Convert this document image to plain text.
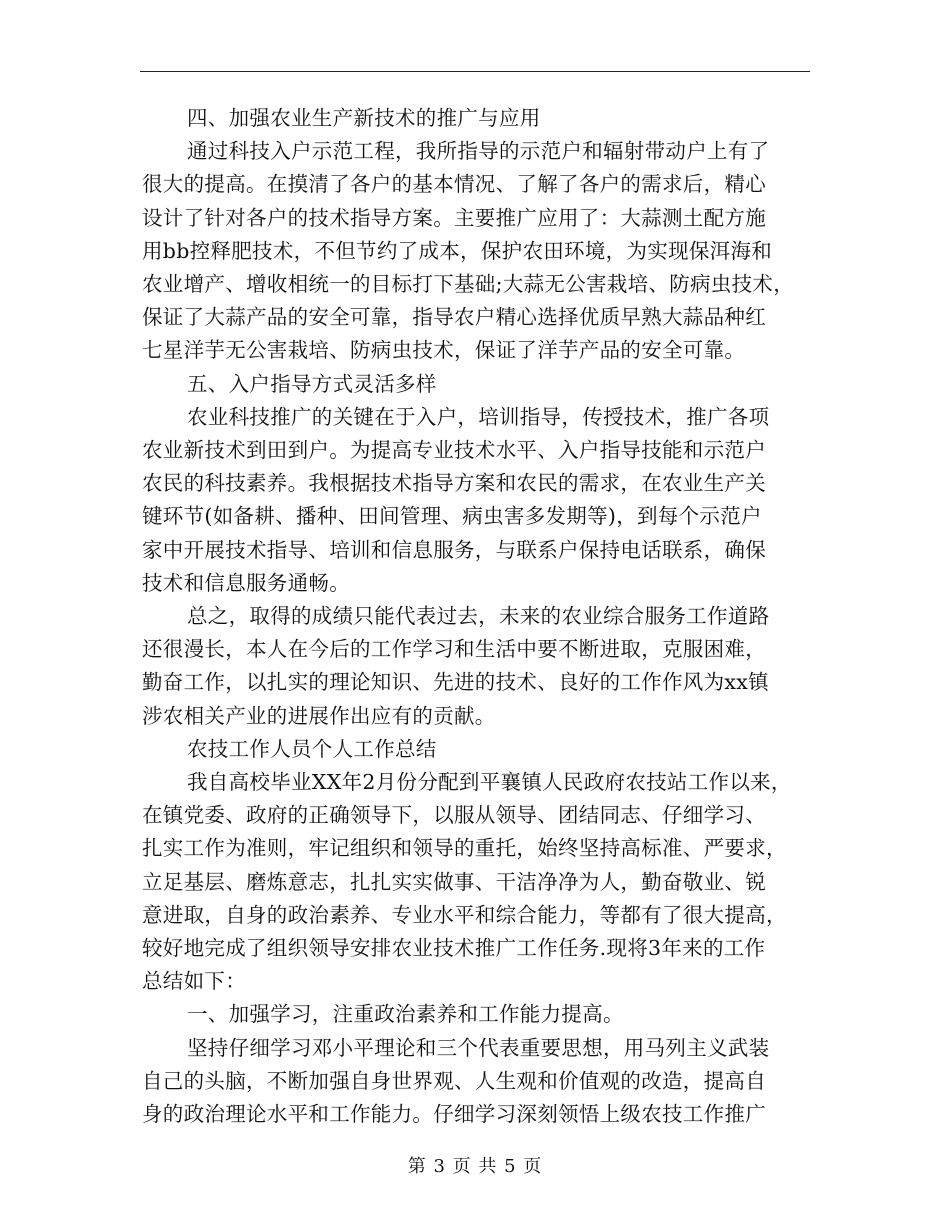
四、加强农业生产新技术的推广与应用
通过科技入户示范工程，我所指导的示范户和辐射带动户上有了
很大的提高。在摸清了各户的基本情况、了解了各户的需求后，精心
设计了针对各户的技术指导方案。主要推广应用了：大蒜测土配方施
用bb控释肥技术，不但节约了成本，保护农田环境，为实现保洱海和
农业增产、增收相统一的目标打下基础;大蒜无公害栽培、防病虫技术，
保证了大蒜产品的安全可靠，指导农户精心选择优质早熟大蒜品种红
七星洋芋无公害栽培、防病虫技术，保证了洋芋产品的安全可靠。
五、入户指导方式灵活多样
农业科技推广的关键在于入户，培训指导，传授技术，推广各项
农业新技术到田到户。为提高专业技术水平、入户指导技能和示范户
农民的科技素养。我根据技术指导方案和农民的需求，在农业生产关
键环节(如备耕、播种、田间管理、病虫害多发期等)，到每个示范户
家中开展技术指导、培训和信息服务，与联系户保持电话联系，确保
技术和信息服务通畅。
总之，取得的成绩只能代表过去，未来的农业综合服务工作道路
还很漫长，本人在今后的工作学习和生活中要不断进取，克服困难，
勤奋工作，以扎实的理论知识、先进的技术、良好的工作作风为xx镇
涉农相关产业的进展作出应有的贡献。
农技工作人员个人工作总结
我自高校毕业XX年2月份分配到平襄镇人民政府农技站工作以来，
在镇党委、政府的正确领导下，以服从领导、团结同志、仔细学习、
扎实工作为准则，牢记组织和领导的重托，始终坚持高标准、严要求，
立足基层、磨炼意志，扎扎实实做事、干洁净净为人，勤奋敬业、锐
意进取，自身的政治素养、专业水平和综合能力，等都有了很大提高，
较好地完成了组织领导安排农业技术推广工作任务.现将3年来的工作
总结如下：
一、加强学习，注重政治素养和工作能力提高。
坚持仔细学习邓小平理论和三个代表重要思想，用马列主义武装
自己的头脑，不断加强自身世界观、人生观和价值观的改造，提高自
身的政治理论水平和工作能力。仔细学习深刻领悟上级农技工作推广
第 3 页 共 5 页
